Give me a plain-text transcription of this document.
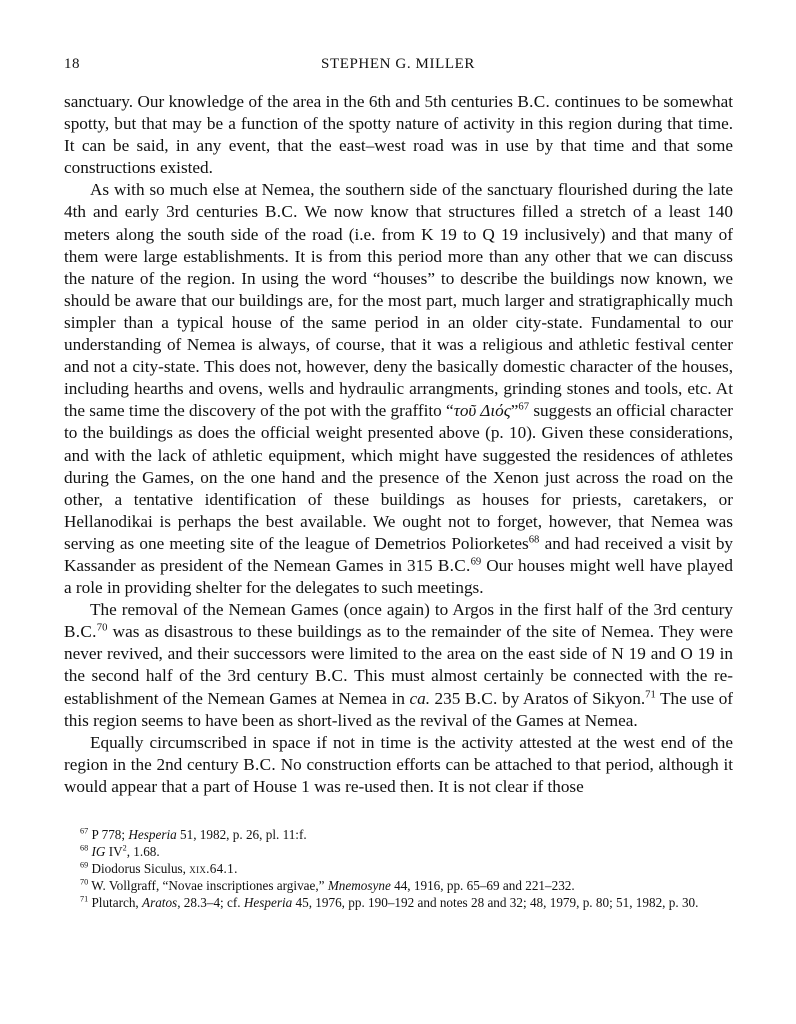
18	STEPHEN G. MILLER

sanctuary. Our knowledge of the area in the 6th and 5th centuries B.C. continues to be somewhat spotty, but that may be a function of the spotty nature of activity in this region during that time. It can be said, in any event, that the east–west road was in use by that time and that some constructions existed.

As with so much else at Nemea, the southern side of the sanctuary flourished during the late 4th and early 3rd centuries B.C. We now know that structures filled a stretch of a least 140 meters along the south side of the road (i.e. from K 19 to Q 19 inclusively) and that many of them were large establishments. It is from this period more than any other that we can discuss the nature of the region. In using the word “houses” to describe the buildings now known, we should be aware that our buildings are, for the most part, much larger and stratigraphically much simpler than a typical house of the same period in an older city-state. Fundamental to our understanding of Nemea is always, of course, that it was a religious and athletic festival center and not a city-state. This does not, however, deny the basically domestic character of the houses, including hearths and ovens, wells and hydraulic arrangments, grinding stones and tools, etc. At the same time the discovery of the pot with the graffito “τοῦ Διός”$^{67}$ suggests an official character to the buildings as does the official weight presented above (p. 10). Given these considerations, and with the lack of athletic equipment, which might have suggested the residences of athletes during the Games, on the one hand and the presence of the Xenon just across the road on the other, a tentative identification of these buildings as houses for priests, caretakers, or Hellanodikai is perhaps the best available. We ought not to forget, however, that Nemea was serving as one meeting site of the league of Demetrios Poliorketes$^{68}$ and had received a visit by Kassander as president of the Nemean Games in 315 B.C.$^{69}$ Our houses might well have played a role in providing shelter for the delegates to such meetings.

The removal of the Nemean Games (once again) to Argos in the first half of the 3rd century B.C.$^{70}$ was as disastrous to these buildings as to the remainder of the site of Nemea. They were never revived, and their successors were limited to the area on the east side of N 19 and O 19 in the second half of the 3rd century B.C. This must almost certainly be connected with the re-establishment of the Nemean Games at Nemea in ca. 235 B.C. by Aratos of Sikyon.$^{71}$ The use of this region seems to have been as short-lived as the revival of the Games at Nemea.

Equally circumscribed in space if not in time is the activity attested at the west end of the region in the 2nd century B.C. No construction efforts can be attached to that period, although it would appear that a part of House 1 was re-used then. It is not clear if those

$^{67}$ P 778; Hesperia 51, 1982, p. 26, pl. 11:f.

$^{68}$ IG $IV^2$, 1.68.

$^{69}$ Diodorus Siculus, xix.64.1.

$^{70}$ W. Vollgraff, “Novae inscriptiones argivae,” Mnemosyne 44, 1916, pp. 65–69 and 221–232.

$^{71}$ Plutarch, Aratos, 28.3–4; cf. Hesperia 45, 1976, pp. 190–192 and notes 28 and 32; 48, 1979, p. 80; 51, 1982, p. 30.
